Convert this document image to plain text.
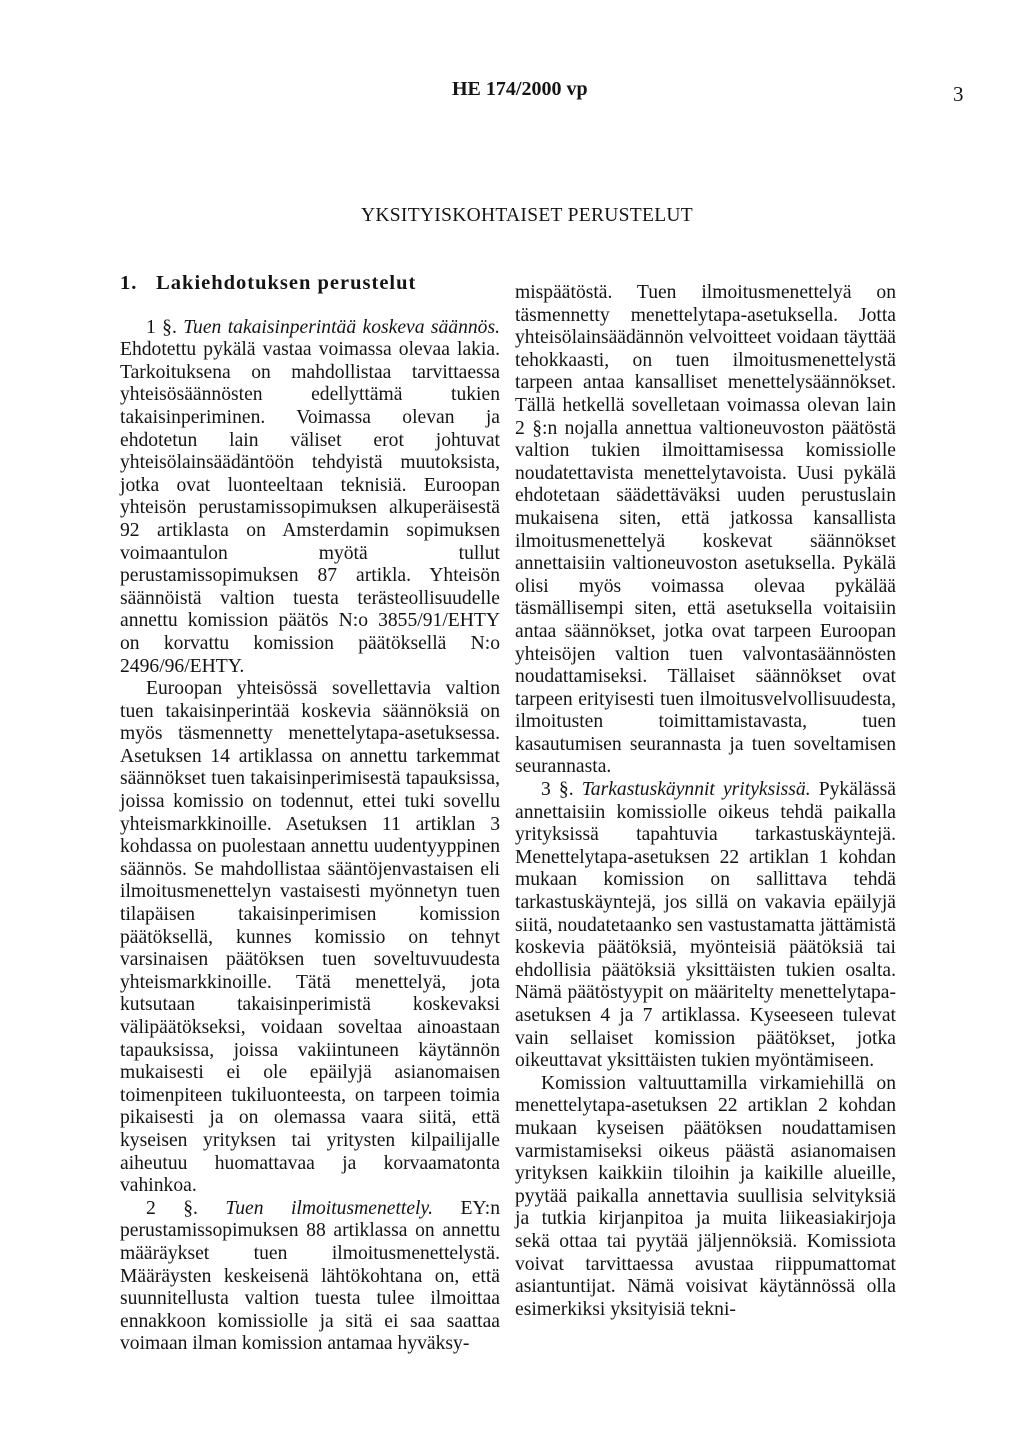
HE 174/2000 vp	3
YKSITYISKOHTAISET PERUSTELUT
1. Lakiehdotuksen perustelut

1 §. Tuen takaisinperintää koskeva säännös. Ehdotettu pykälä vastaa voimassa olevaa lakia. Tarkoituksena on mahdollistaa tarvittaessa yhteisösäännösten edellyttämä tukien takaisinperiminen. Voimassa olevan ja ehdotetun lain väliset erot johtuvat yhteisölainsäädäntöön tehdyistä muutoksista, jotka ovat luonteeltaan teknisiä. Euroopan yhteisön perustamissopimuksen alkuperäisestä 92 artiklasta on Amsterdamin sopimuksen voimaantulon myötä tullut perustamissopimuksen 87 artikla. Yhteisön säännöistä valtion tuesta terästeollisuudelle annettu komission päätös N:o 3855/91/EHTY on korvattu komission päätöksellä N:o 2496/96/EHTY.

Euroopan yhteisössä sovellettavia valtion tuen takaisinperintää koskevia säännöksiä on myös täsmennetty menettelytapa-asetuksessa. Asetuksen 14 artiklassa on annettu tarkemmat säännökset tuen takaisinperimisestä tapauksissa, joissa komissio on todennut, ettei tuki sovellu yhteismarkkinoille. Asetuksen 11 artiklan 3 kohdassa on puolestaan annettu uudentyyppinen säännös. Se mahdollistaa sääntöjenvastaisen eli ilmoitusmenettelyn vastaisesti myönnetyn tuen tilapäisen takaisinperimisen komission päätöksellä, kunnes komissio on tehnyt varsinaisen päätöksen tuen soveltuvuudesta yhteismarkkinoille. Tätä menettelyä, jota kutsutaan takaisinperimistä koskevaksi välipäätökseksi, voidaan soveltaa ainoastaan tapauksissa, joissa vakiintuneen käytännön mukaisesti ei ole epäilyjä asianomaisen toimenpiteen tukiluonteesta, on tarpeen toimia pikaisesti ja on olemassa vaara siitä, että kyseisen yrityksen tai yritysten kilpailijalle aiheutuu huomattavaa ja korvaamatonta vahinkoa.

2 §. Tuen ilmoitusmenettely. EY:n perustamissopimuksen 88 artiklassa on annettu määräykset tuen ilmoitusmenettelystä. Määräysten keskeisenä lähtökohtana on, että suunnitellusta valtion tuesta tulee ilmoittaa ennakkoon komissiolle ja sitä ei saa saattaa voimaan ilman komission antamaa hyväksy-

mispäätöstä. Tuen ilmoitusmenettelyä on täsmennetty menettelytapa-asetuksella. Jotta yhteisölainsäädännön velvoitteet voidaan täyttää tehokkaasti, on tuen ilmoitusmenettelystä tarpeen antaa kansalliset menettelysäännökset. Tällä hetkellä sovelletaan voimassa olevan lain 2 §:n nojalla annettua valtioneuvoston päätöstä valtion tukien ilmoittamisessa komissiolle noudatettavista menettelytavoista. Uusi pykälä ehdotetaan säädettäväksi uuden perustuslain mukaisena siten, että jatkossa kansallista ilmoitusmenettelyä koskevat säännökset annettaisiin valtioneuvoston asetuksella. Pykälä olisi myös voimassa olevaa pykälää täsmällisempi siten, että asetuksella voitaisiin antaa säännökset, jotka ovat tarpeen Euroopan yhteisöjen valtion tuen valvontasäännösten noudattamiseksi. Tällaiset säännökset ovat tarpeen erityisesti tuen ilmoitusvelvollisuudesta, ilmoitusten toimittamistavasta, tuen kasautumisen seurannasta ja tuen soveltamisen seurannasta.

3 §. Tarkastuskäynnit yrityksissä. Pykälässä annettaisiin komissiolle oikeus tehdä paikalla yrityksissä tapahtuvia tarkastuskäyntejä. Menettelytapa-asetuksen 22 artiklan 1 kohdan mukaan komission on sallittava tehdä tarkastuskäyntejä, jos sillä on vakavia epäilyjä siitä, noudatetaanko sen vastustamatta jättämistä koskevia päätöksiä, myönteisiä päätöksiä tai ehdollisia päätöksiä yksittäisten tukien osalta. Nämä päätöstyypit on määritelty menettelytapa-asetuksen 4 ja 7 artiklassa. Kyseeseen tulevat vain sellaiset komission päätökset, jotka oikeuttavat yksittäisten tukien myöntämiseen.

Komission valtuuttamilla virkamiehillä on menettelytapa-asetuksen 22 artiklan 2 kohdan mukaan kyseisen päätöksen noudattamisen varmistamiseksi oikeus päästä asianomaisen yrityksen kaikkiin tiloihin ja kaikille alueille, pyytää paikalla annettavia suullisia selvityksiä ja tutkia kirjanpitoa ja muita liikeasiakirjoja sekä ottaa tai pyytää jäljennöksiä. Komissiota voivat tarvittaessa avustaa riippumattomat asiantuntijat. Nämä voisivat käytännössä olla esimerkiksi yksityisiä tekni-
